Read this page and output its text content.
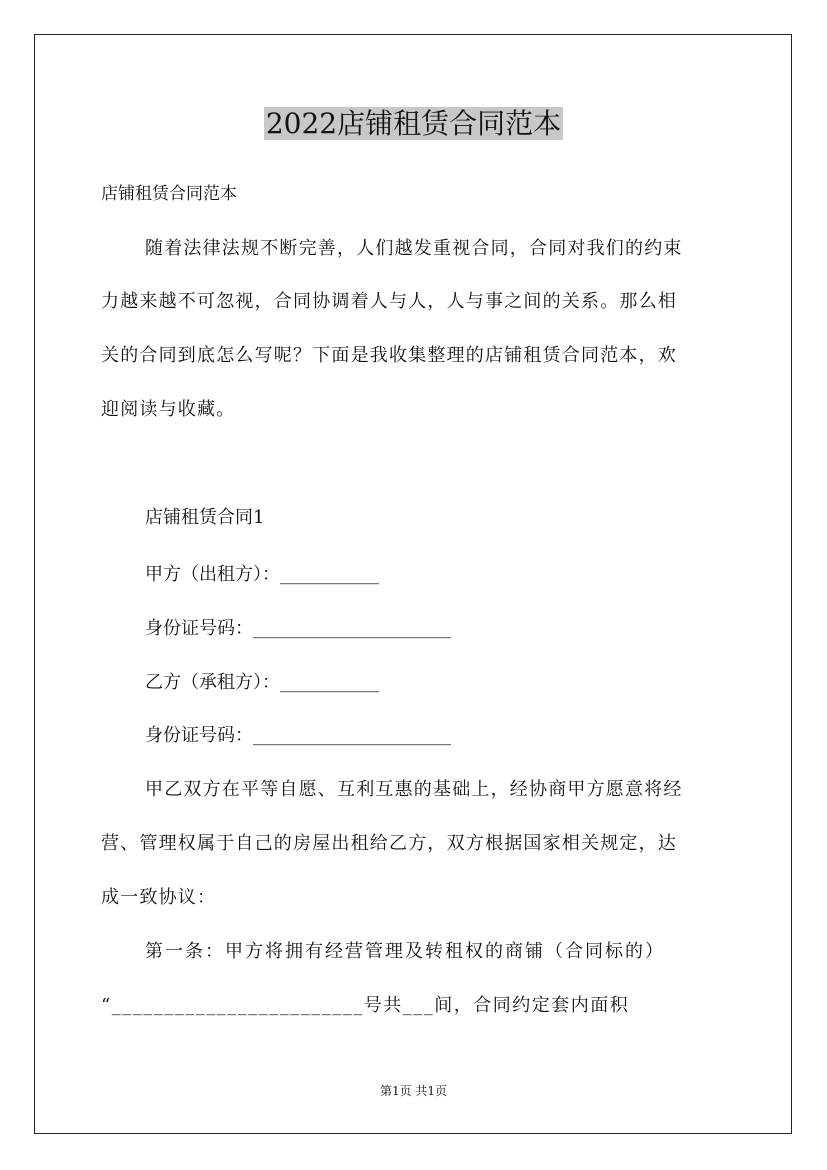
2022店铺租赁合同范本
店铺租赁合同范本
随着法律法规不断完善，人们越发重视合同，合同对我们的约束
力越来越不可忽视，合同协调着人与人，人与事之间的关系。那么相
关的合同到底怎么写呢？下面是我收集整理的店铺租赁合同范本，欢
迎阅读与收藏。
店铺租赁合同1
甲方（出租方）：___________
身份证号码：______________________
乙方（承租方）：___________
身份证号码：______________________
甲乙双方在平等自愿、互利互惠的基础上，经协商甲方愿意将经
营、管理权属于自己的房屋出租给乙方，双方根据国家相关规定，达
成一致协议：
第一条：甲方将拥有经营管理及转租权的商铺（合同标的）
“________________________号共___间，合同约定套内面积
第1页 共1页
